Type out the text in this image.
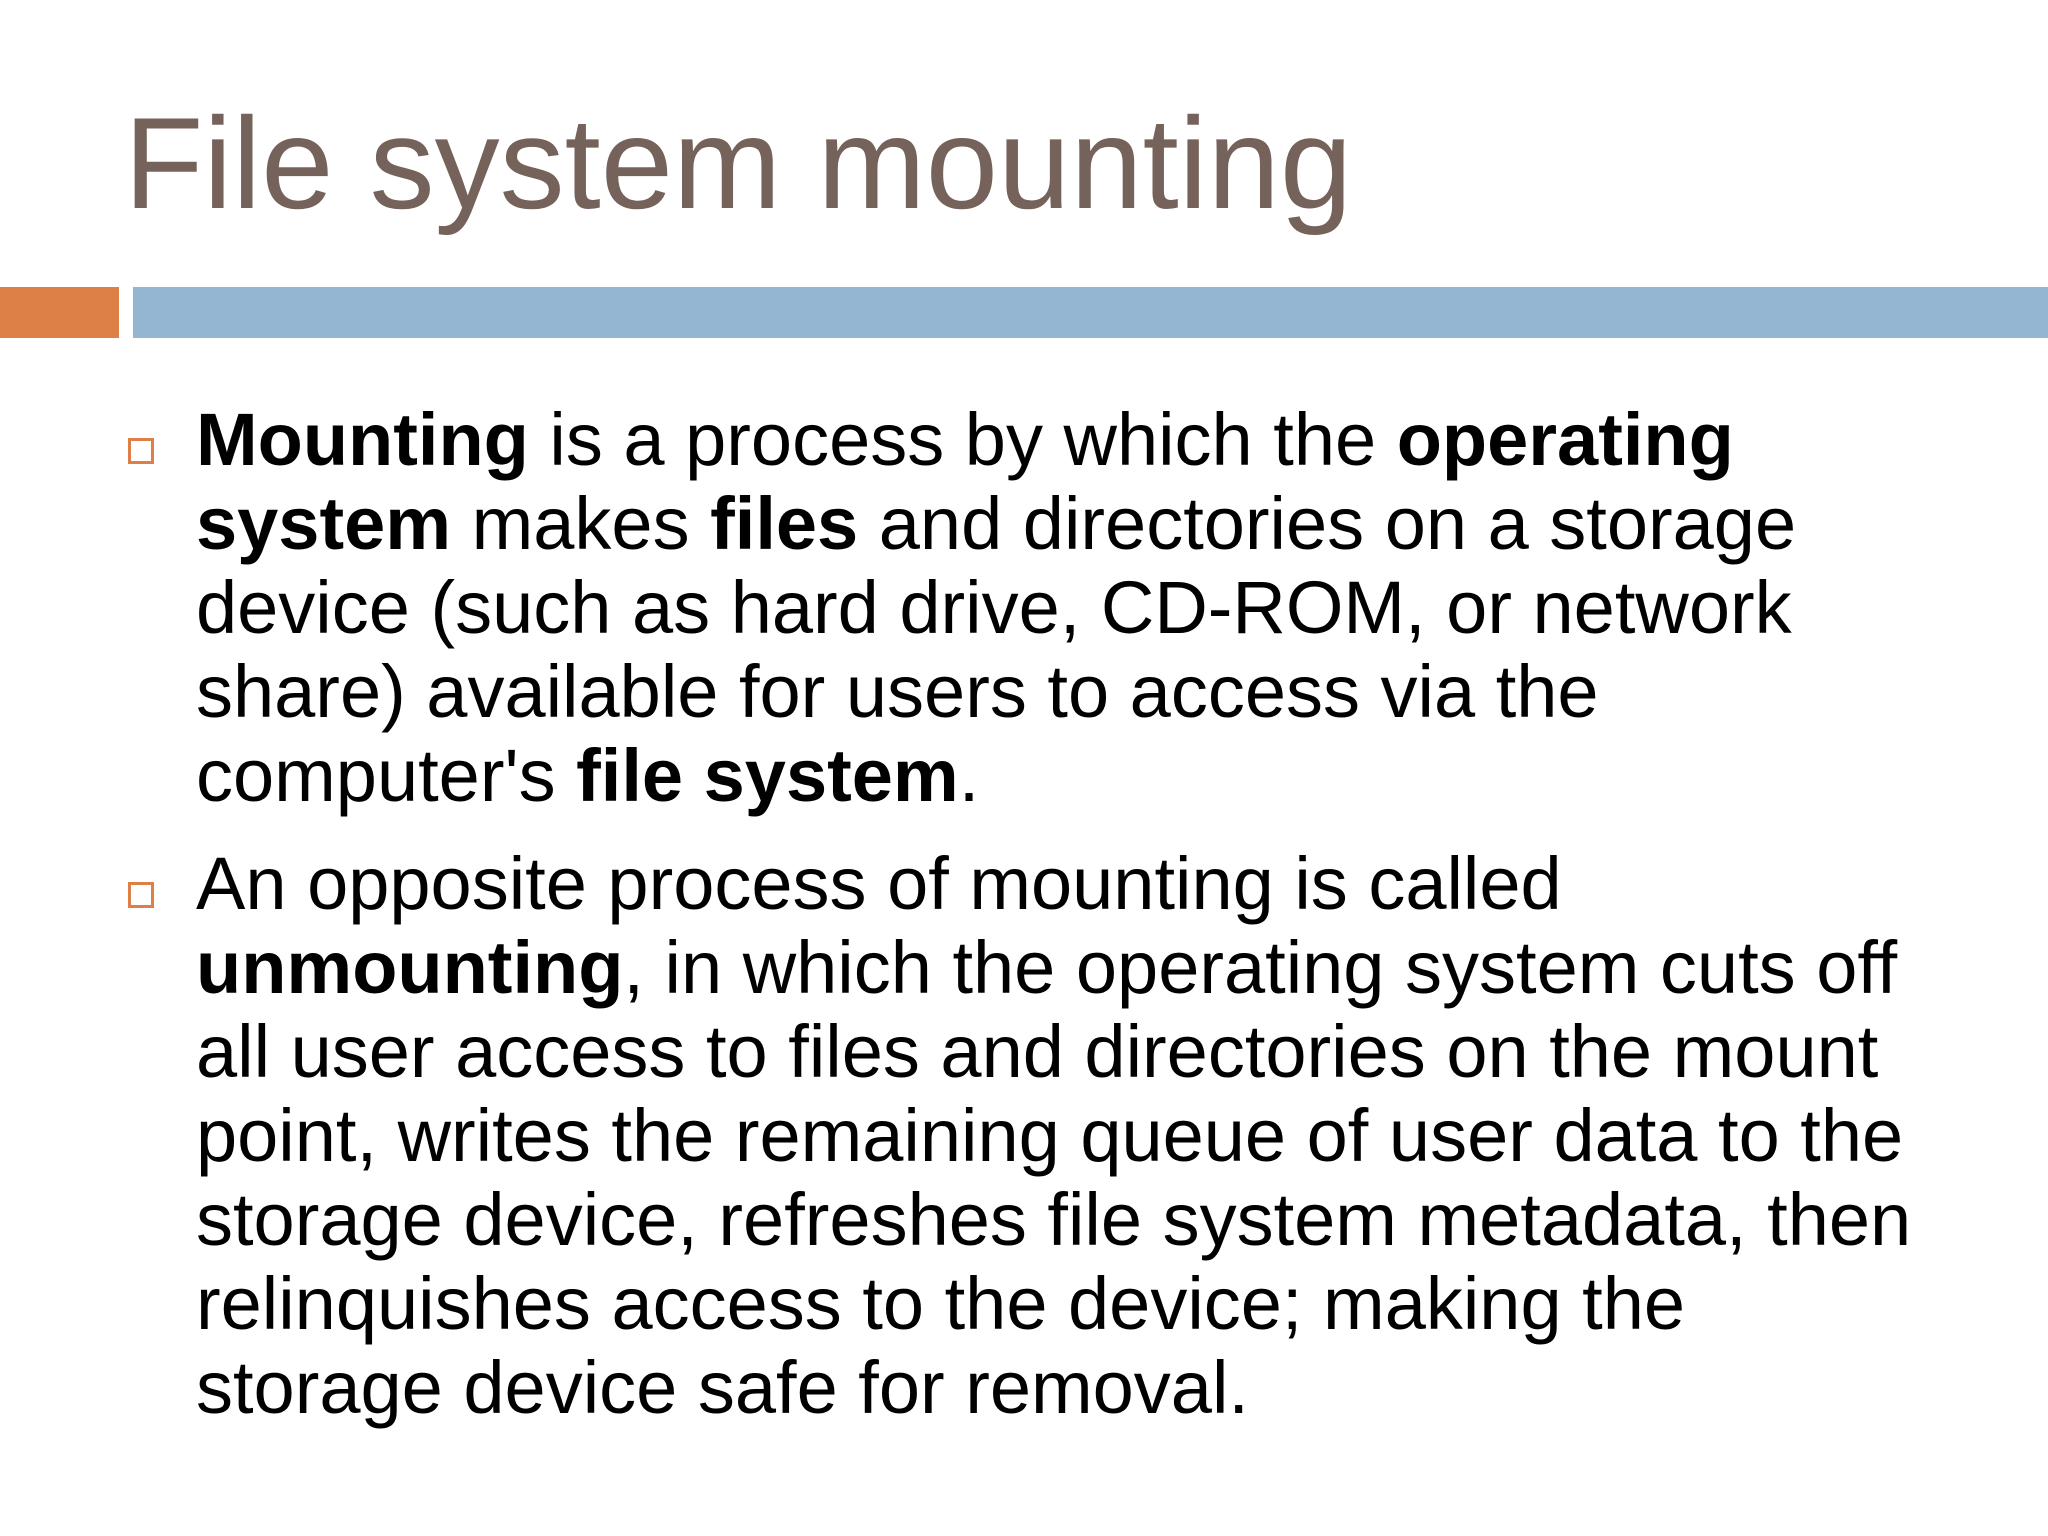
File system mounting
Mounting is a process by which the operating system makes files and directories on a storage device (such as hard drive, CD-ROM, or network share) available for users to access via the computer's file system.
An opposite process of mounting is called unmounting, in which the operating system cuts off all user access to files and directories on the mount point, writes the remaining queue of user data to the storage device, refreshes file system metadata, then relinquishes access to the device; making the storage device safe for removal.
